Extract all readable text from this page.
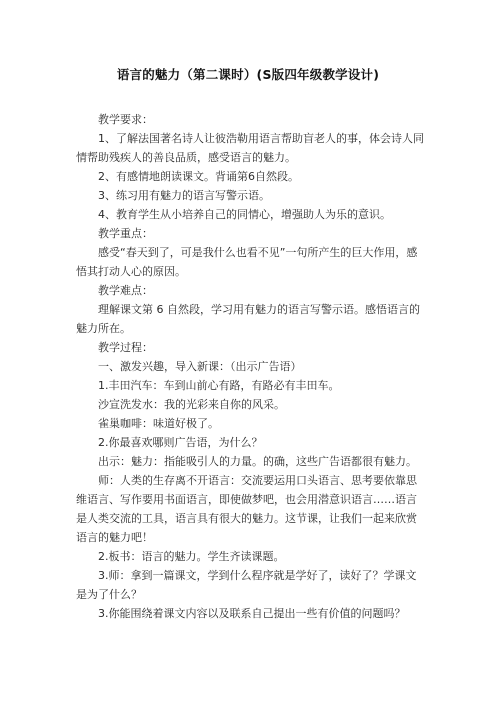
语言的魅力（第二课时）(S版四年级教学设计)

教学要求：

1、了解法国著名诗人让彼浩勒用语言帮助盲老人的事，体会诗人同情帮助残疾人的善良品质，感受语言的魅力。

2、有感情地朗读课文。背诵第6自然段。

3、练习用有魅力的语言写警示语。

4、教育学生从小培养自己的同情心，增强助人为乐的意识。

教学重点：

感受“春天到了，可是我什么也看不见”一句所产生的巨大作用，感悟其打动人心的原因。

教学难点：

理解课文第 6 自然段，学习用有魅力的语言写警示语。感悟语言的魅力所在。

教学过程：

一、激发兴趣，导入新课：（出示广告语）

1.丰田汽车：车到山前心有路，有路必有丰田车。

沙宣洗发水：我的光彩来自你的风采。

雀巢咖啡：味道好极了。

2.你最喜欢哪则广告语，为什么？

出示：魅力：指能吸引人的力量。的确，这些广告语都很有魅力。

师：人类的生存离不开语言：交流要运用口头语言、思考要依靠思维语言、写作要用书面语言，即使做梦吧，也会用潜意识语言……语言是人类交流的工具，语言具有很大的魅力。这节课，让我们一起来欣赏语言的魅力吧！

2.板书：语言的魅力。学生齐读课题。

3.师：拿到一篇课文，学到什么程序就是学好了，读好了？学课文是为了什么？

3.你能围绕着课文内容以及联系自己提出一些有价值的问题吗？
